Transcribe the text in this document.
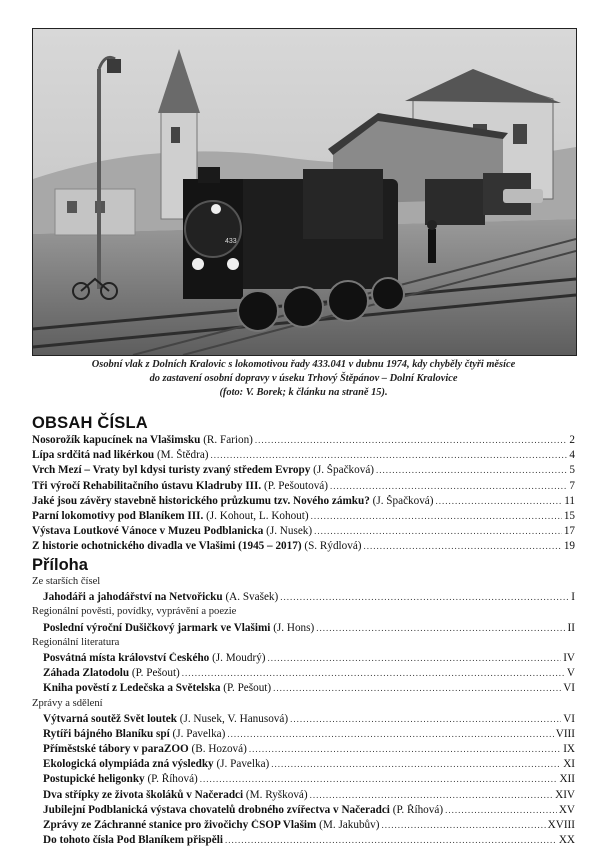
433
Osobní vlak z Dolních Kralovic s lokomotivou řady 433.041 v dubnu 1974, kdy chyběly čtyři měsíce
do zastavení osobní dopravy v úseku Trhový Štěpánov – Dolní Kralovice
(foto: V. Borek; k článku na straně 15).
OBSAH ČÍSLA
Nosorožík kapucínek na Vlašimsku
(R. Farion) .....	2
Lípa srdčitá nad likérkou
(M. Štědra) .....	4
Vrch Mezí – Vraty byl kdysi turisty zvaný středem Evropy
(J. Špačková) .....	5
Tři výročí Rehabilitačního ústavu Kladruby III.
(P. Pešoutová) .....	7
Jaké jsou závěry stavebně historického průzkumu tzv. Nového zámku?
(J. Špačková) .....	11
Parní lokomotivy pod Blaníkem III.
(J. Kohout, L. Kohout) .....	15
Výstava Loutkové Vánoce v Muzeu Podblanicka
(J. Nusek) .....	17
Z historie ochotnického divadla ve Vlašimi (1945 – 2017)
(S. Rýdlová) .....	19
Příloha
Ze starších čísel
Jahodáři a jahodářství na Netvořicku
(A. Svašek) .....	I
Regionální pověsti, povídky, vyprávění a poezie
Poslední výroční Dušičkový jarmark ve Vlašimi
(J. Hons) .....	II
Regionální literatura
Posvátná místa království Českého
(J. Moudrý) .....	IV
Záhada Zlatodolu
(P. Pešout) .....	V
Kniha pověstí z Ledečska a Světelska
(P. Pešout) .....	VI
Zprávy a sdělení
Výtvarná soutěž Svět loutek
(J. Nusek, V. Hanusová) .....	VI
Rytíři bájného Blaníku spí
(J. Pavelka) .....	VIII
Příměstské tábory v paraZOO
(B. Hozová) .....	IX
Ekologická olympiáda zná výsledky
(J. Pavelka) .....	XI
Postupické heligonky
(P. Říhová) .....	XII
Dva střípky ze života školáků v Načeradci
(M. Ryšková) .....	XIV
Jubilejní Podblanická výstava chovatelů drobného zvířectva v Načeradci
(P. Říhová) .....	XV
Zprávy ze Záchranné stanice pro živočichy ČSOP Vlašim
(M. Jakubův) .....	XVIII
Do tohoto čísla Pod Blaníkem přispěli .....	XX
